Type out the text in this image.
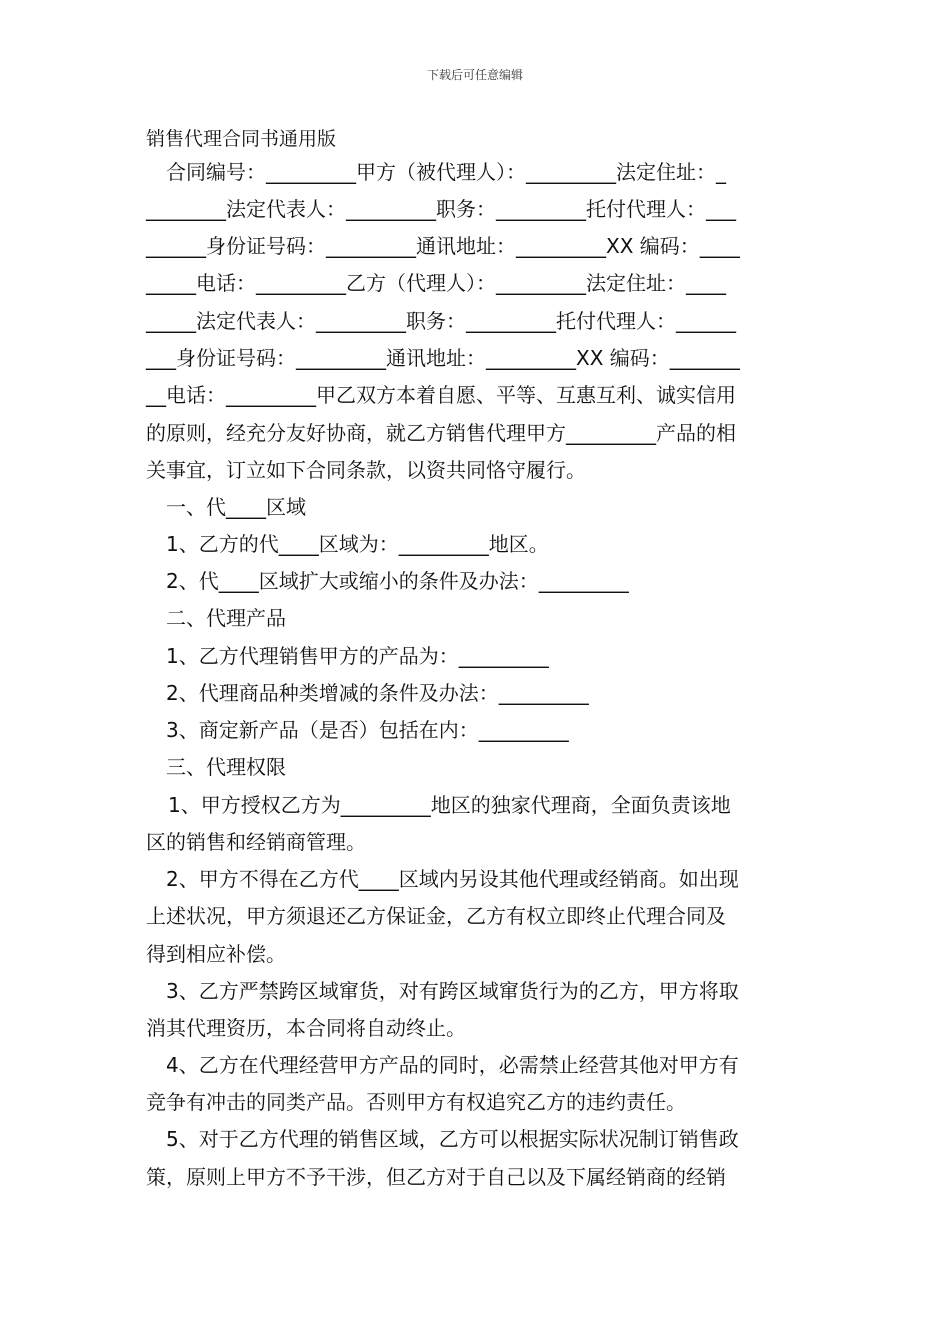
下载后可任意编辑
销售代理合同书通用版
合同编号：_________甲方（被代理人）：_________法定住址：_
________法定代表人：_________职务：_________托付代理人：___
______身份证号码：_________通讯地址：_________XX 编码：____
_____电话：_________乙方（代理人）：_________法定住址：____
_____法定代表人：_________职务：_________托付代理人：______
___身份证号码：_________通讯地址：_________XX 编码：_______
__电话：_________甲乙双方本着自愿、平等、互惠互利、诚实信用
的原则，经充分友好协商，就乙方销售代理甲方_________产品的相
关事宜，订立如下合同条款，以资共同恪守履行。
一、代____区域
1、乙方的代____区域为：_________地区。
2、代____区域扩大或缩小的条件及办法：_________
二、代理产品
1、乙方代理销售甲方的产品为：_________
2、代理商品种类增减的条件及办法：_________
3、商定新产品（是否）包括在内：_________
三、代理权限
1、甲方授权乙方为_________地区的独家代理商，全面负责该地
区的销售和经销商管理。
2、甲方不得在乙方代____区域内另设其他代理或经销商。如出现
上述状况，甲方须退还乙方保证金，乙方有权立即终止代理合同及
得到相应补偿。
3、乙方严禁跨区域窜货，对有跨区域窜货行为的乙方，甲方将取
消其代理资历，本合同将自动终止。
4、乙方在代理经营甲方产品的同时，必需禁止经营其他对甲方有
竞争有冲击的同类产品。否则甲方有权追究乙方的违约责任。
5、对于乙方代理的销售区域，乙方可以根据实际状况制订销售政
策，原则上甲方不予干涉，但乙方对于自己以及下属经销商的经销
